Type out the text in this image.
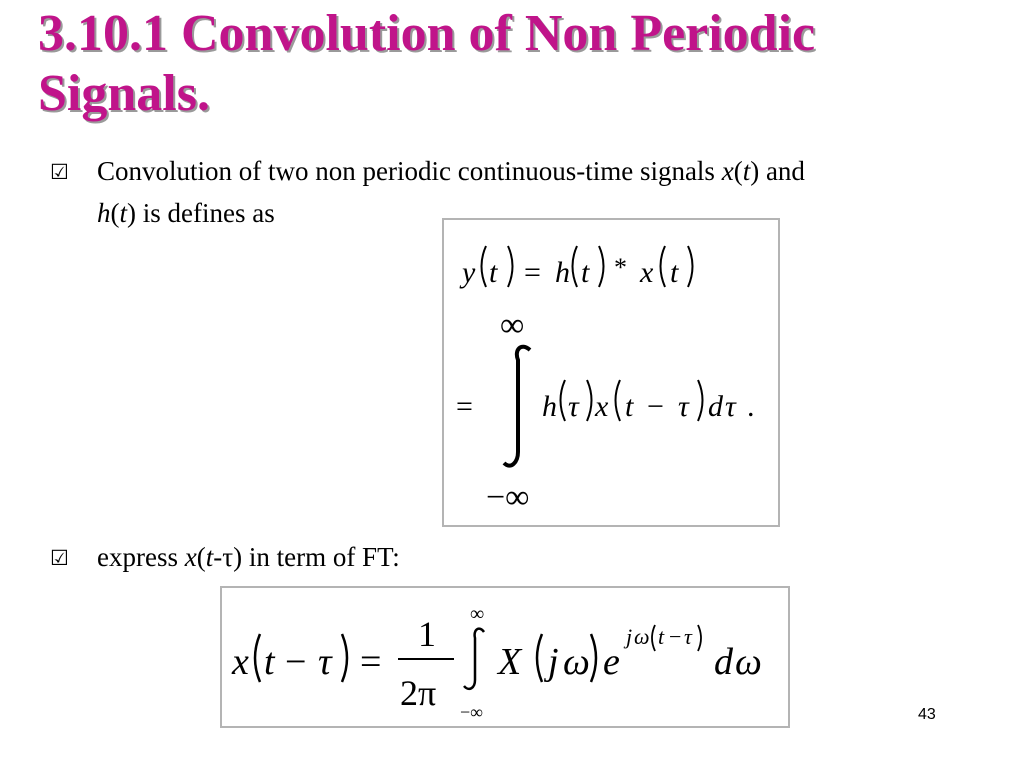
3.10.1 Convolution of Non Periodic Signals.
☑ Convolution of two non periodic continuous-time signals x(t) and
h(t) is defines as
y t = h t * x t
∞
= h τ x t − τ d τ .
−∞
☑ express x(t-τ) in term of FT:
x t − τ =
1
2π
∞
−∞
X j ω e
j ω t − τ
d ω
43
